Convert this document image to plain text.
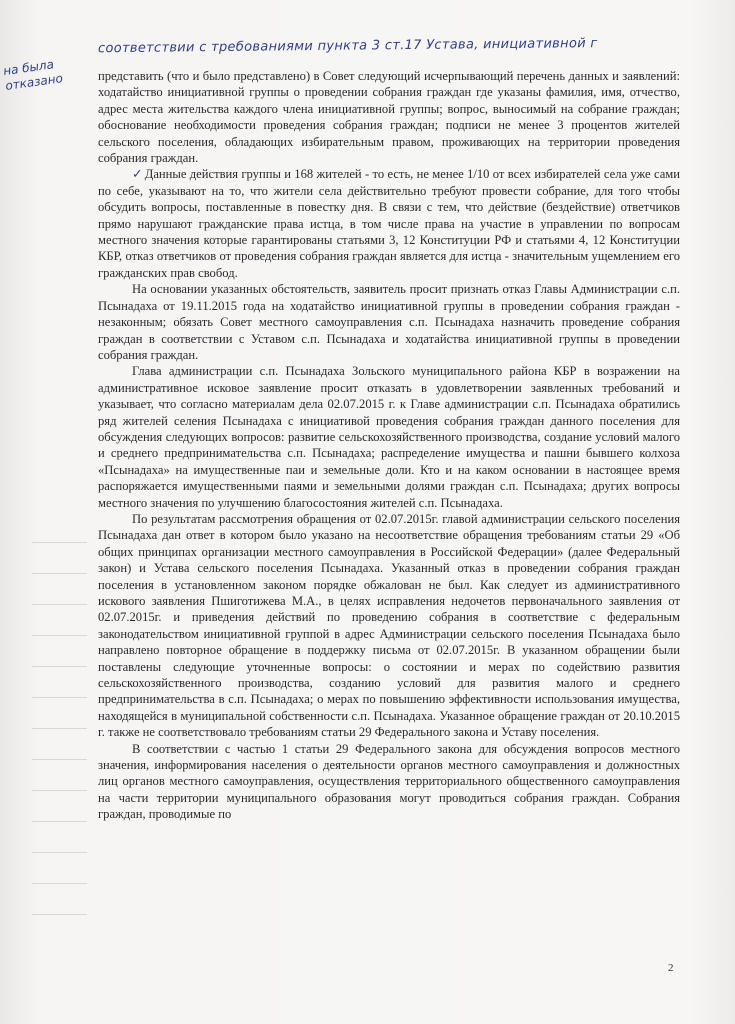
соответствии с требованиями пункта 3 ст.17 Устава, инициативной г
на была отказано	представить (что и было представлено) в Совет следующий исчерпывающий перечень данных и заявлений: ходатайство инициативной группы о проведении собрания граждан где указаны фамилия, имя, отчество, адрес места жительства каждого члена инициативной группы; вопрос, выносимый на собрание граждан; обоснование необходимости проведения собрания граждан; подписи не менее 3 процентов жителей сельского поселения, обладающих избирательным правом, проживающих на территории проведения собрания граждан.

✓ Данные действия группы и 168 жителей - то есть, не менее 1/10 от всех избирателей села уже сами по себе, указывают на то, что жители села действительно требуют провести собрание, для того чтобы обсудить вопросы, поставленные в повестку дня. В связи с тем, что действие (бездействие) ответчиков прямо нарушают гражданские права истца, в том числе права на участие в управлении по вопросам местного значения которые гарантированы статьями 3, 12 Конституции РФ и статьями 4, 12 Конституции КБР, отказ ответчиков от проведения собрания граждан является для истца - значительным ущемлением его гражданских прав свобод.

На основании указанных обстоятельств, заявитель просит признать отказ Главы Администрации с.п. Псынадаха от 19.11.2015 года на ходатайство инициативной группы в проведении собрания граждан - незаконным; обязать Совет местного самоуправления с.п. Псынадаха назначить проведение собрания граждан в соответствии с Уставом с.п. Псынадаха и ходатайства инициативной группы в проведении собрания граждан.

Глава администрации с.п. Псынадаха Зольского муниципального района КБР в возражении на административное исковое заявление просит отказать в удовлетворении заявленных требований и указывает, что согласно материалам дела 02.07.2015 г. к Главе администрации с.п. Псынадаха обратились ряд жителей селения Псынадаха с инициативой проведения собрания граждан данного поселения для обсуждения следующих вопросов: развитие сельскохозяйственного производства, создание условий малого и среднего предпринимательства с.п. Псынадаха; распределение имущества и пашни бывшего колхоза «Псынадаха» на имущественные паи и земельные доли. Кто и на каком основании в настоящее время распоряжается имущественными паями и земельными долями граждан с.п. Псынадаха; других вопросы местного значения по улучшению благосостояния жителей с.п. Псынадаха.

По результатам рассмотрения обращения от 02.07.2015г. главой администрации сельского поселения Псынадаха дан ответ в котором было указано на несоответствие обращения требованиям статьи 29 «Об общих принципах организации местного самоуправления в Российской Федерации» (далее Федеральный закон) и Устава сельского поселения Псынадаха. Указанный отказ в проведении собрания граждан поселения в установленном законом порядке обжалован не был. Как следует из административного искового заявления Пшиготижева М.А., в целях исправления недочетов первоначального заявления от 02.07.2015г. и приведения действий по проведению собрания в соответствие с федеральным законодательством инициативной группой в адрес Администрации сельского поселения Псынадаха было направлено повторное обращение в поддержку письма от 02.07.2015г. В указанном обращении были поставлены следующие уточненные вопросы: о состоянии и мерах по содействию развития сельскохозяйственного производства, созданию условий для развития малого и среднего предпринимательства в с.п. Псынадаха; о мерах по повышению эффективности использования имущества, находящейся в муниципальной собственности с.п. Псынадаха. Указанное обращение граждан от 20.10.2015 г. также не соответствовало требованиям статьи 29 Федерального закона и Уставу поселения.

В соответствии с частью 1 статьи 29 Федерального закона для обсуждения вопросов местного значения, информирования населения о деятельности органов местного самоуправления и должностных лиц органов местного самоуправления, осуществления территориального общественного самоуправления на части территории муниципального образования могут проводиться собрания граждан. Собрания граждан, проводимые по

2
